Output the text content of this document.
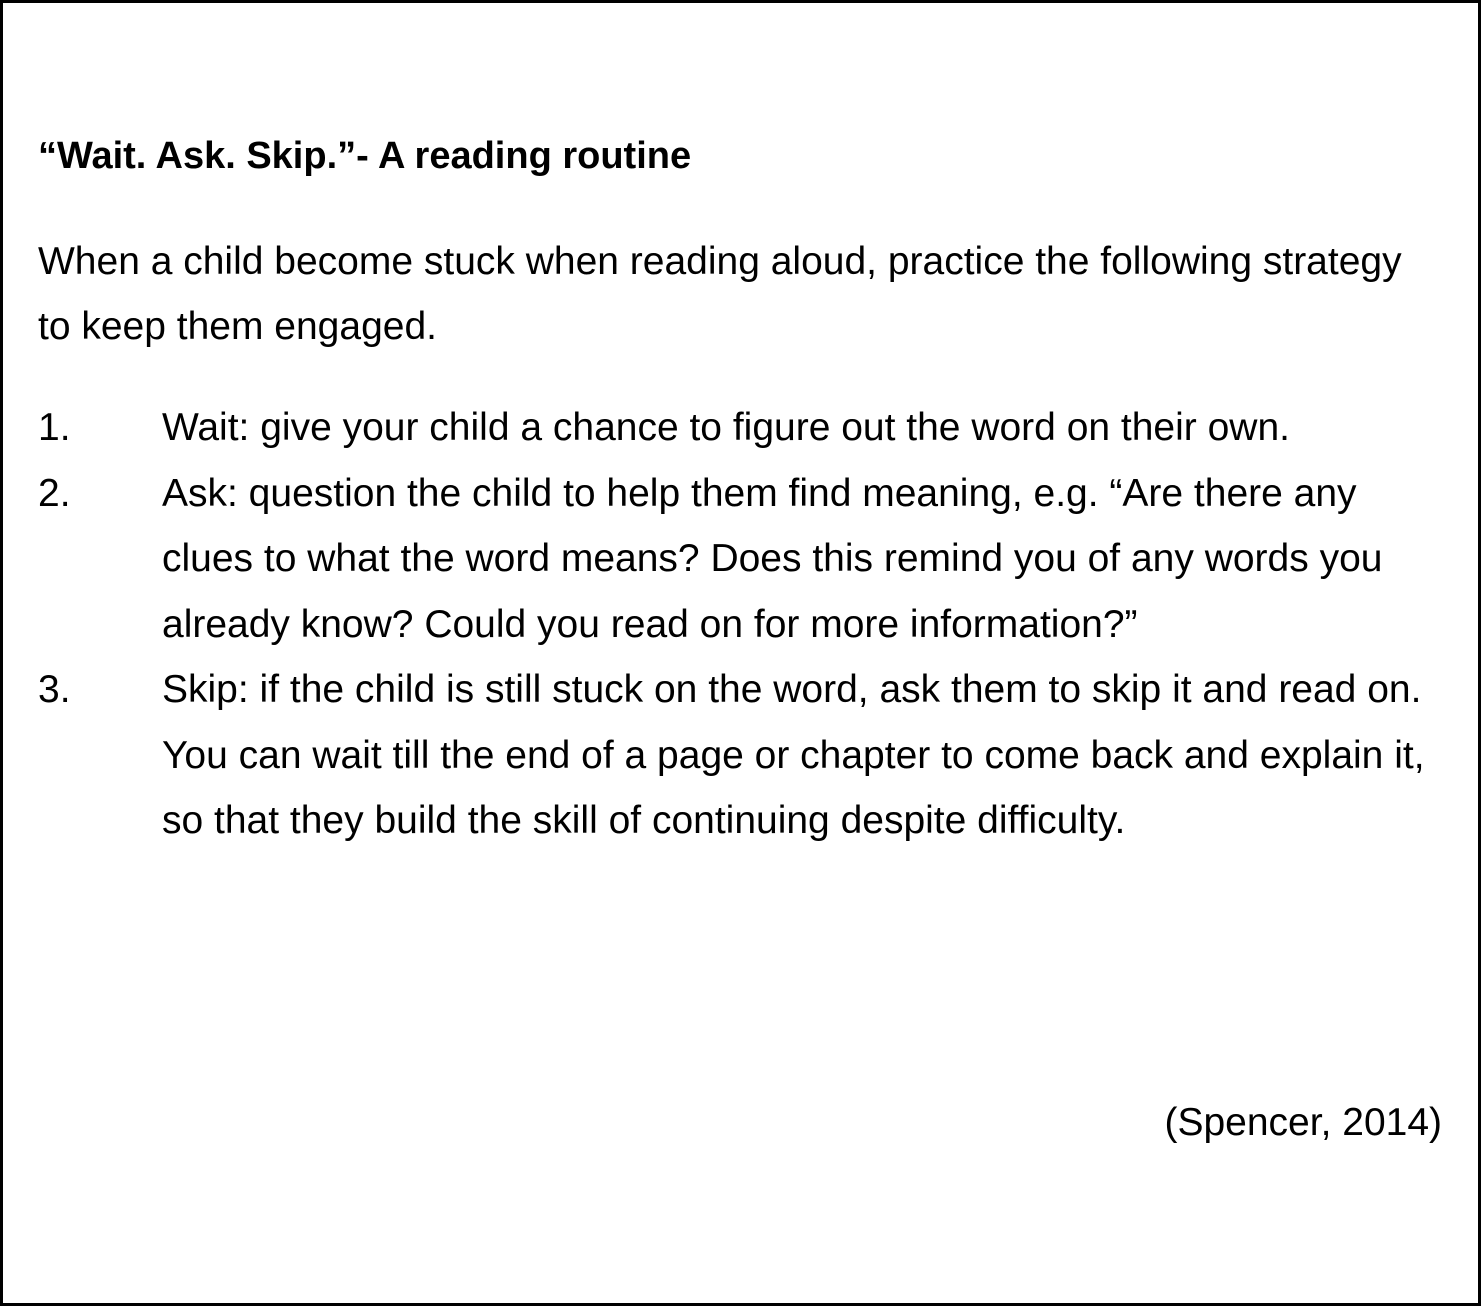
“Wait. Ask. Skip.”- A reading routine

When a child become stuck when reading aloud, practice the following strategy to keep them engaged.

1. Wait: give your child a chance to figure out the word on their own.
2. Ask: question the child to help them find meaning, e.g. “Are there any clues to what the word means? Does this remind you of any words you already know? Could you read on for more information?”
3. Skip: if the child is still stuck on the word, ask them to skip it and read on. You can wait till the end of a page or chapter to come back and explain it, so that they build the skill of continuing despite difficulty.
(Spencer, 2014)
